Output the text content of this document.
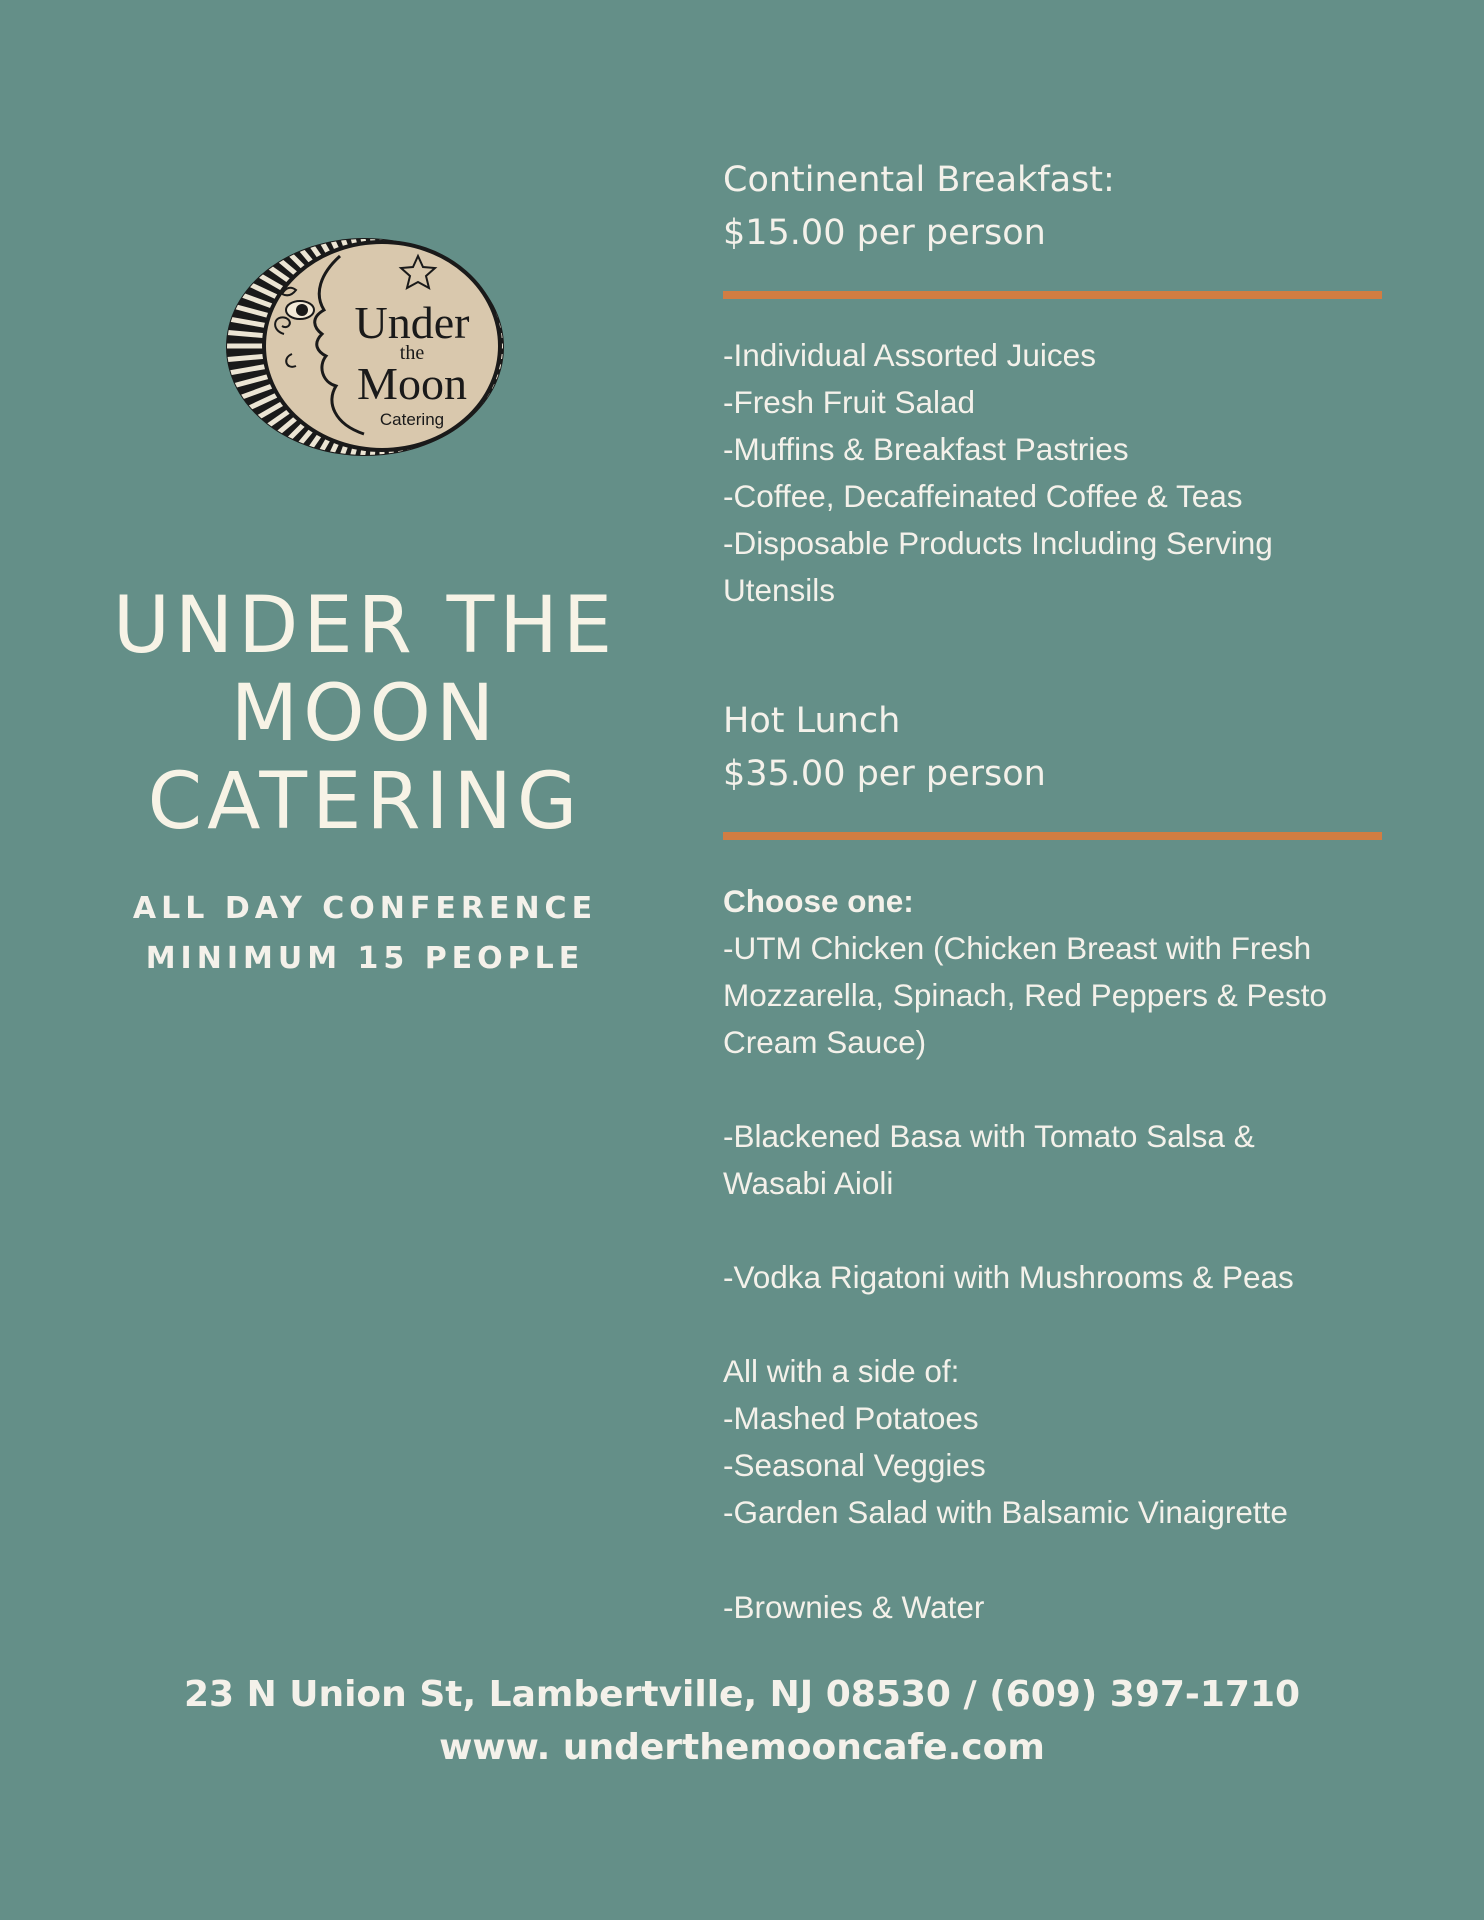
Under
the
Moon
Catering
UNDER THE
MOON
CATERING
ALL DAY CONFERENCE
MINIMUM 15 PEOPLE
Continental Breakfast:
$15.00 per person
-Individual Assorted Juices
-Fresh Fruit Salad
-Muffins & Breakfast Pastries
-Coffee, Decaffeinated Coffee & Teas
-Disposable Products Including Serving
Utensils
Hot Lunch
$35.00 per person
Choose one:
-UTM Chicken (Chicken Breast with Fresh
Mozzarella, Spinach, Red Peppers & Pesto
Cream Sauce)
-Blackened Basa with Tomato Salsa &
Wasabi Aioli
-Vodka Rigatoni with Mushrooms & Peas
All with a side of:
-Mashed Potatoes
-Seasonal Veggies
-Garden Salad with Balsamic Vinaigrette
-Brownies & Water
23 N Union St, Lambertville, NJ 08530 / (609) 397-1710
www. underthemooncafe.com
